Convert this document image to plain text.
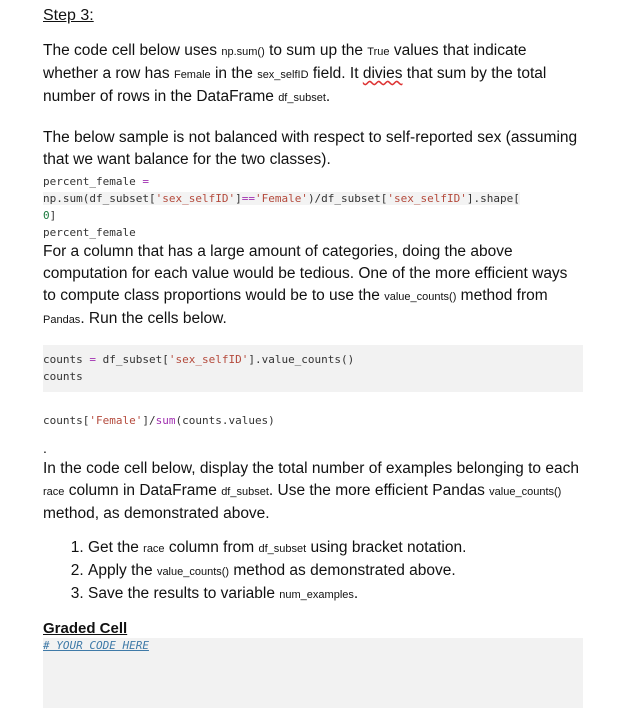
Step 3:

The code cell below uses np.sum() to sum up the True values that indicate whether a row has Female in the sex_selfID field. It divies that sum by the total number of rows in the DataFrame df_subset.

The below sample is not balanced with respect to self-reported sex (assuming that we want balance for the two classes).

percent_female =
np.sum(df_subset['sex_selfID']=='Female')/df_subset['sex_selfID'].shape[
0]
percent_female

For a column that has a large amount of categories, doing the above computation for each value would be tedious. One of the more efficient ways to compute class proportions would be to use the value_counts() method from Pandas. Run the cells below.

counts = df_subset['sex_selfID'].value_counts()
counts
counts['Female']/sum(counts.values)
.

In the code cell below, display the total number of examples belonging to each race column in DataFrame df_subset. Use the more efficient Pandas value_counts() method, as demonstrated above.

1. Get the race column from df_subset using bracket notation.
2. Apply the value_counts() method as demonstrated above.
3. Save the results to variable num_examples.
Graded Cell
# YOUR CODE HERE
